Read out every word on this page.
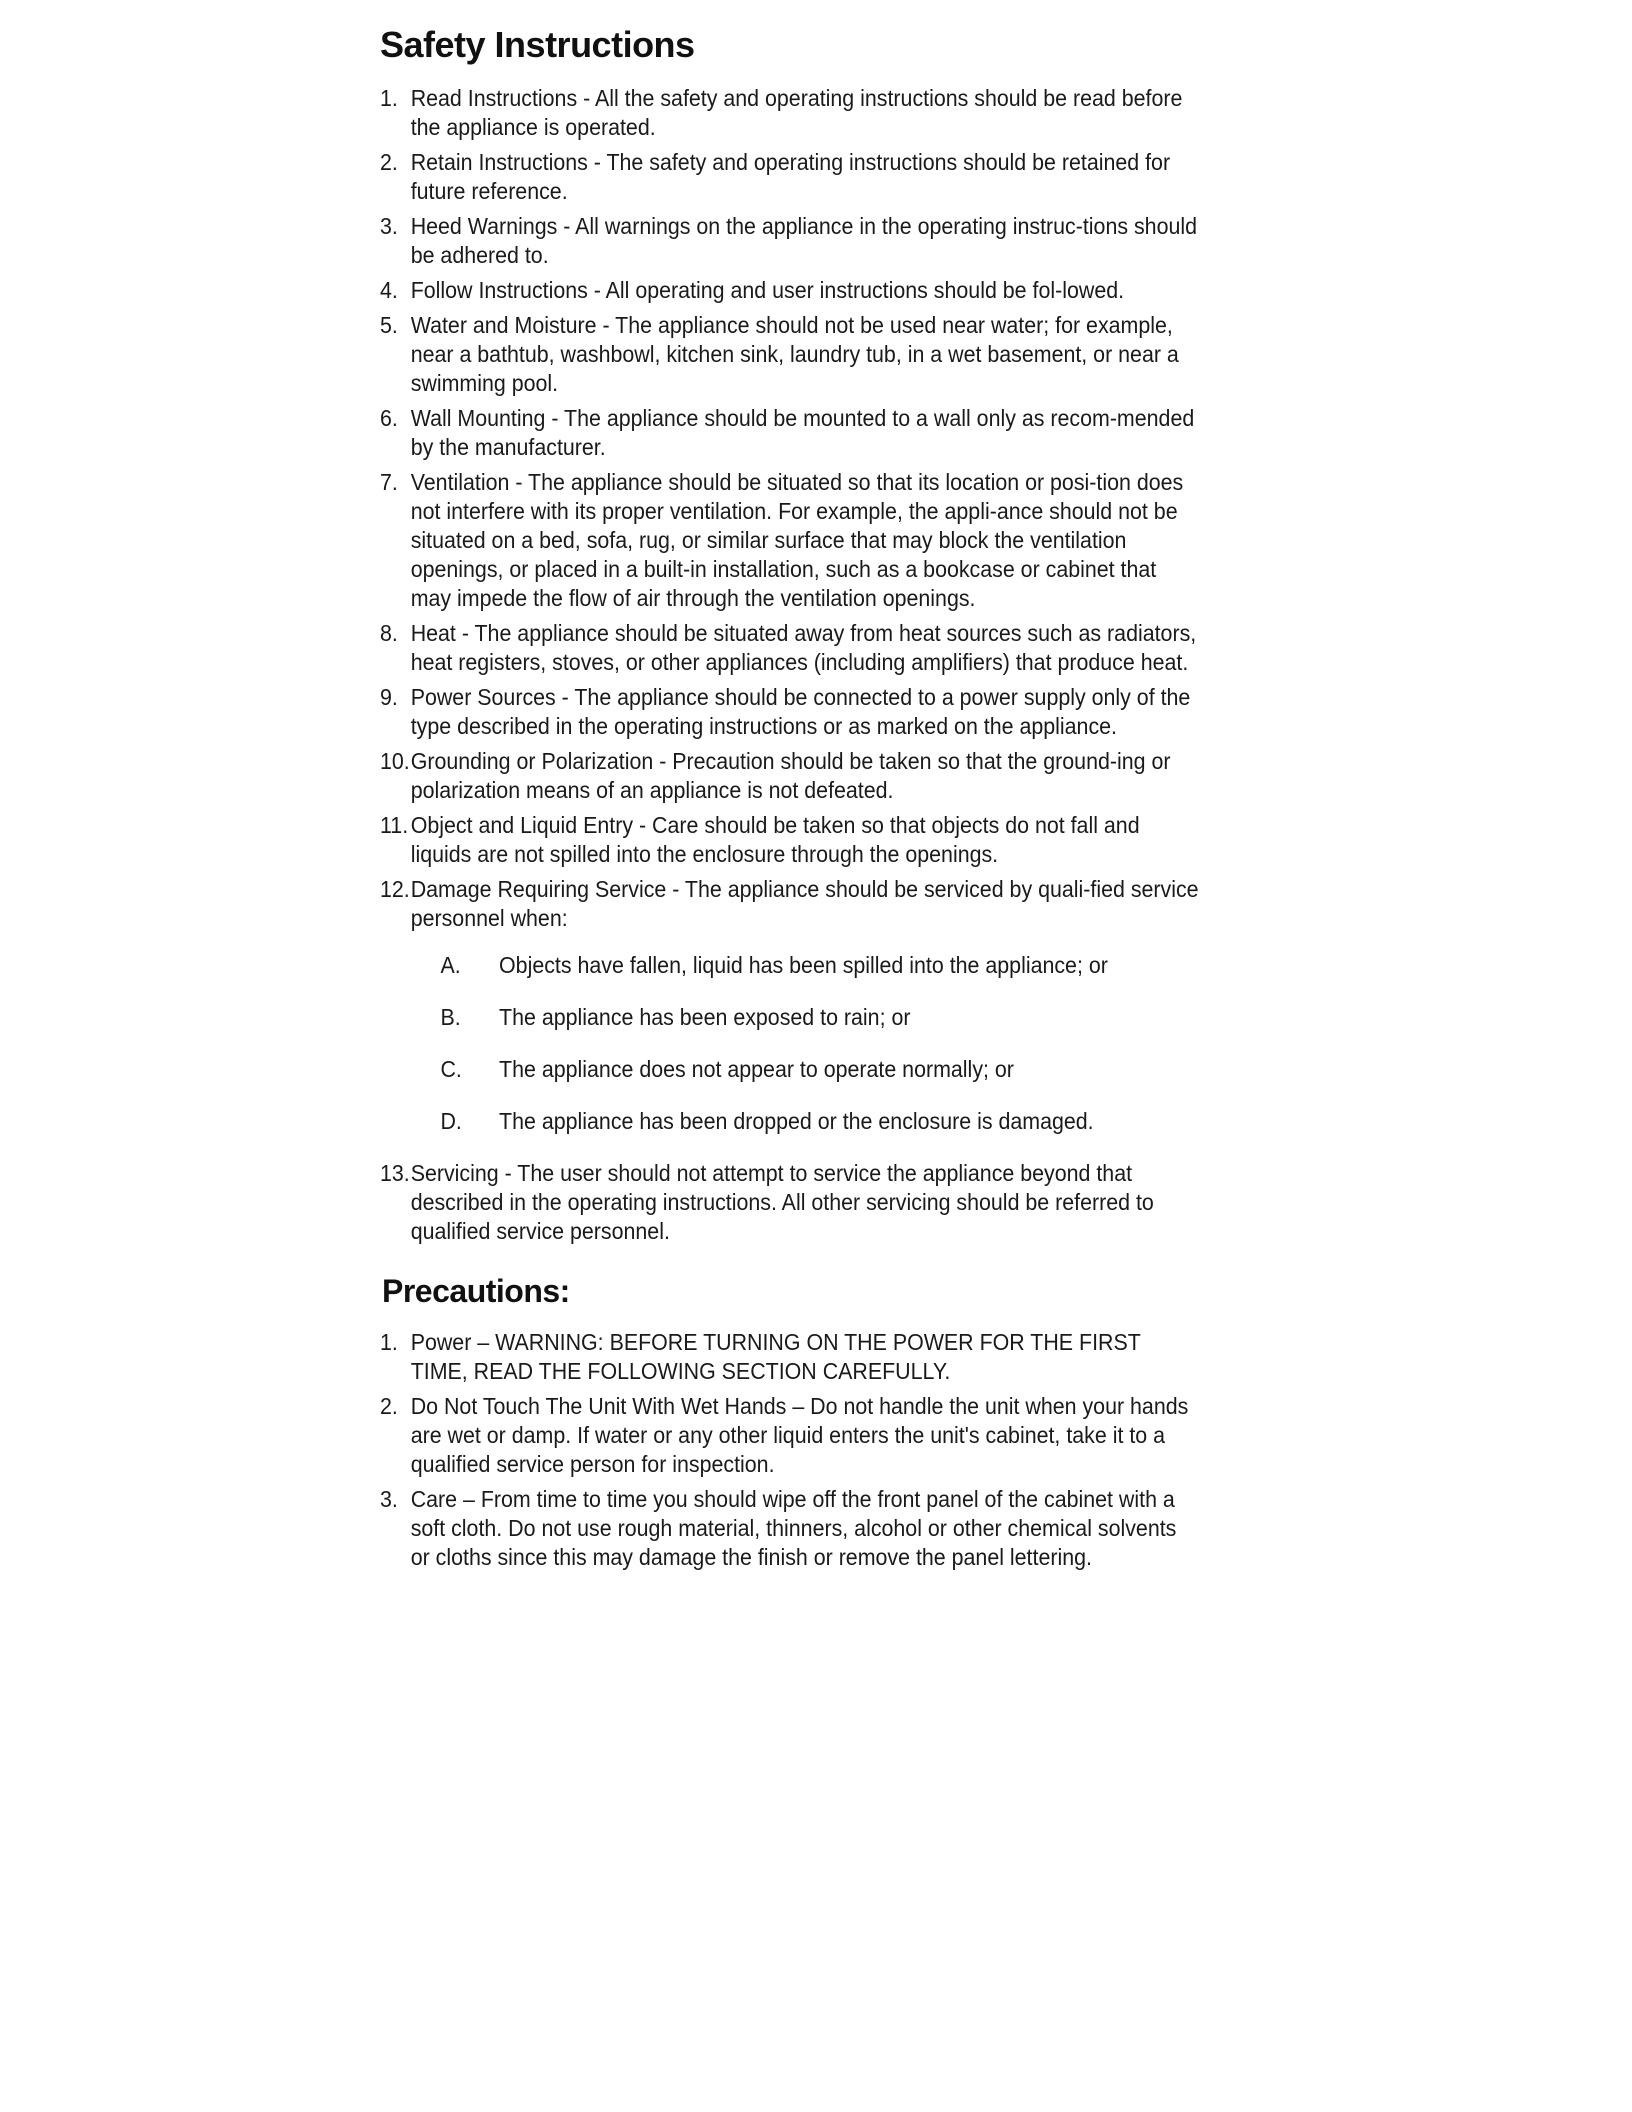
Safety Instructions
1. Read Instructions - All the safety and operating instructions should be read before the appliance is operated.
2. Retain Instructions - The safety and operating instructions should be retained for future reference.
3. Heed Warnings - All warnings on the appliance in the operating instruc-tions should be adhered to.
4. Follow Instructions - All operating and user instructions should be fol-lowed.
5. Water and Moisture - The appliance should not be used near water; for example, near a bathtub, washbowl, kitchen sink, laundry tub, in a wet basement, or near a swimming pool.
6. Wall Mounting - The appliance should be mounted to a wall only as recom-mended by the manufacturer.
7. Ventilation - The appliance should be situated so that its location or posi-tion does not interfere with its proper ventilation. For example, the appli-ance should not be situated on a bed, sofa, rug, or similar surface that may block the ventilation openings, or placed in a built-in installation, such as a bookcase or cabinet that may impede the flow of air through the ventilation openings.
8. Heat - The appliance should be situated away from heat sources such as radiators, heat registers, stoves, or other appliances (including amplifiers) that produce heat.
9. Power Sources - The appliance should be connected to a power supply only of the type described in the operating instructions or as marked on the appliance.
10. Grounding or Polarization - Precaution should be taken so that the ground-ing or polarization means of an appliance is not defeated.
11. Object and Liquid Entry - Care should be taken so that objects do not fall and liquids are not spilled into the enclosure through the openings.
12. Damage Requiring Service - The appliance should be serviced by quali-fied service personnel when:
A. Objects have fallen, liquid has been spilled into the appliance; or
B. The appliance has been exposed to rain; or
C. The appliance does not appear to operate normally; or
D. The appliance has been dropped or the enclosure is damaged.
13. Servicing - The user should not attempt to service the appliance beyond that described in the operating instructions. All other servicing should be referred to qualified service personnel.
Precautions:
1. Power – WARNING: BEFORE TURNING ON THE POWER FOR THE FIRST TIME, READ THE FOLLOWING SECTION CAREFULLY.
2. Do Not Touch The Unit With Wet Hands – Do not handle the unit when your hands are wet or damp. If water or any other liquid enters the unit's cabinet, take it to a qualified service person for inspection.
3. Care – From time to time you should wipe off the front panel of the cabinet with a soft cloth. Do not use rough material, thinners, alcohol or other chemical solvents or cloths since this may damage the finish or remove the panel lettering.
